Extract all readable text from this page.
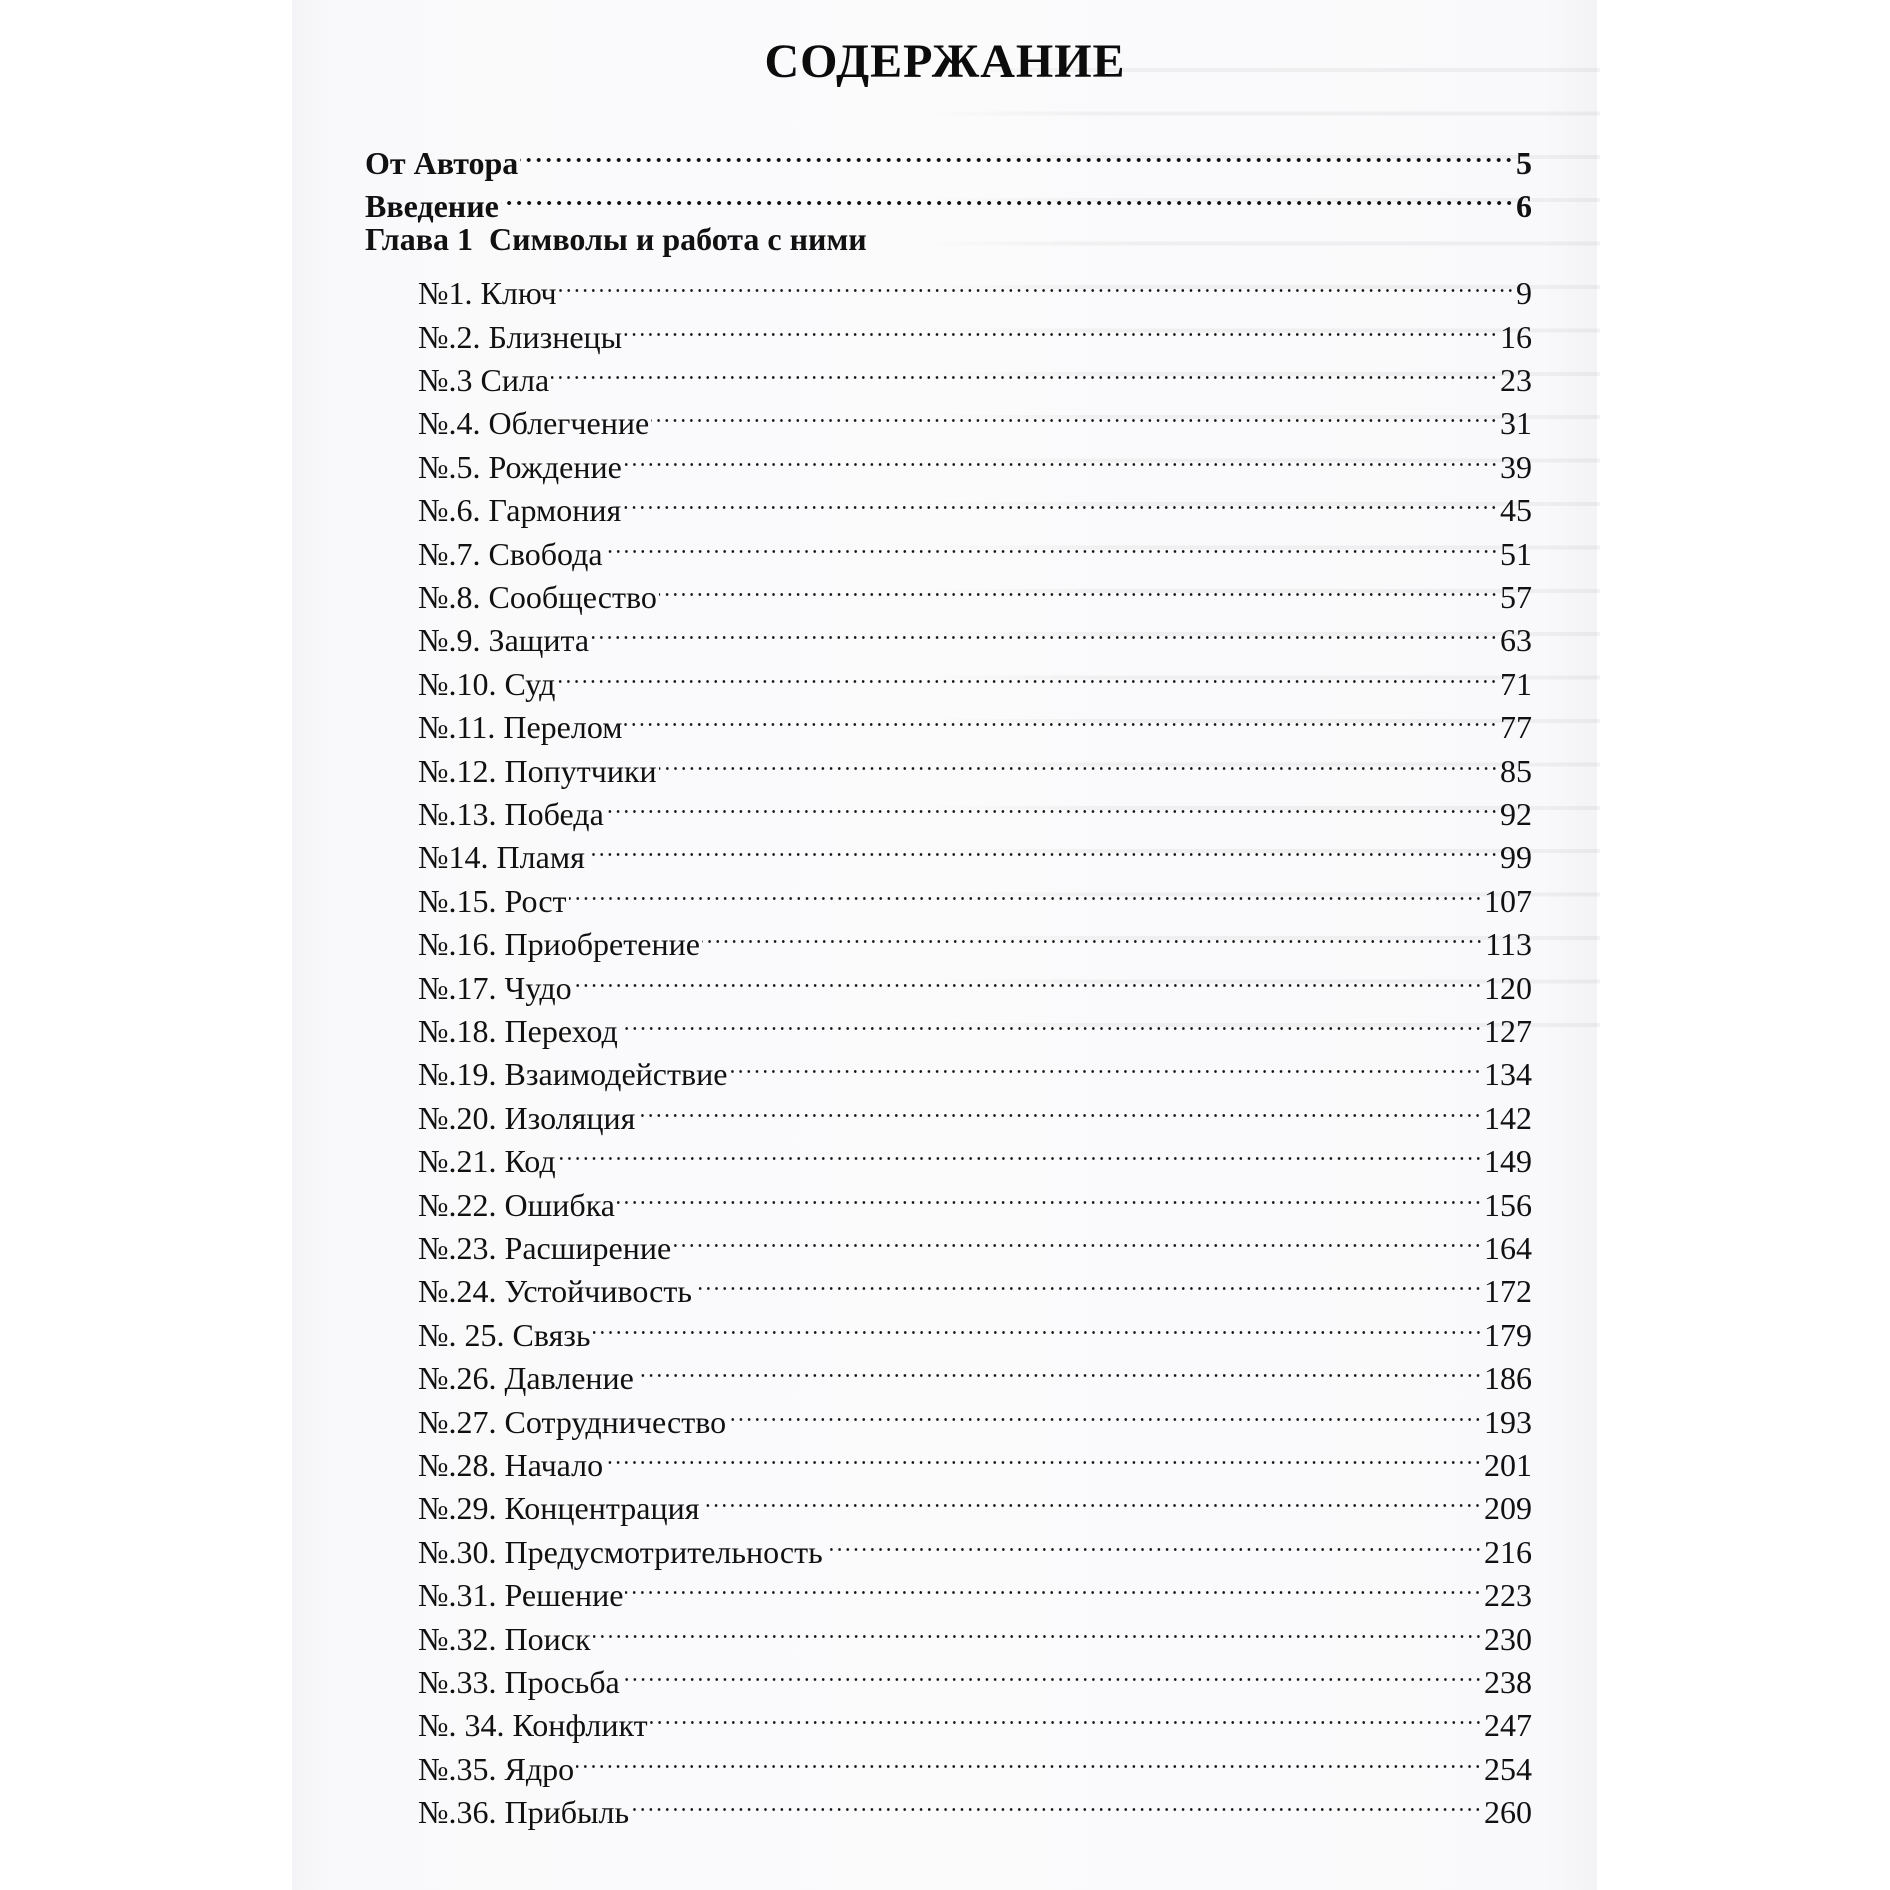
СОДЕРЖАНИЕ
От Автора	5
Введение	6
Глава 1  Символы и работа с ними
№1. Ключ	9
№.2. Близнецы	16
№.3 Сила	23
№.4. Облегчение	31
№.5. Рождение	39
№.6. Гармония	45
№.7. Свобода	51
№.8. Сообщество	57
№.9. Защита	63
№.10. Суд	71
№.11. Перелом	77
№.12. Попутчики	85
№.13. Победа	92
№14. Пламя	99
№.15. Рост	107
№.16. Приобретение	113
№.17. Чудо	120
№.18. Переход	127
№.19. Взаимодействие	134
№.20. Изоляция	142
№.21. Код	149
№.22. Ошибка	156
№.23. Расширение	164
№.24. Устойчивость	172
№. 25. Связь	179
№.26. Давление	186
№.27. Сотрудничество	193
№.28. Начало	201
№.29. Концентрация	209
№.30. Предусмотрительность	216
№.31. Решение	223
№.32. Поиск	230
№.33. Просьба	238
№. 34. Конфликт	247
№.35. Ядро	254
№.36. Прибыль	260
